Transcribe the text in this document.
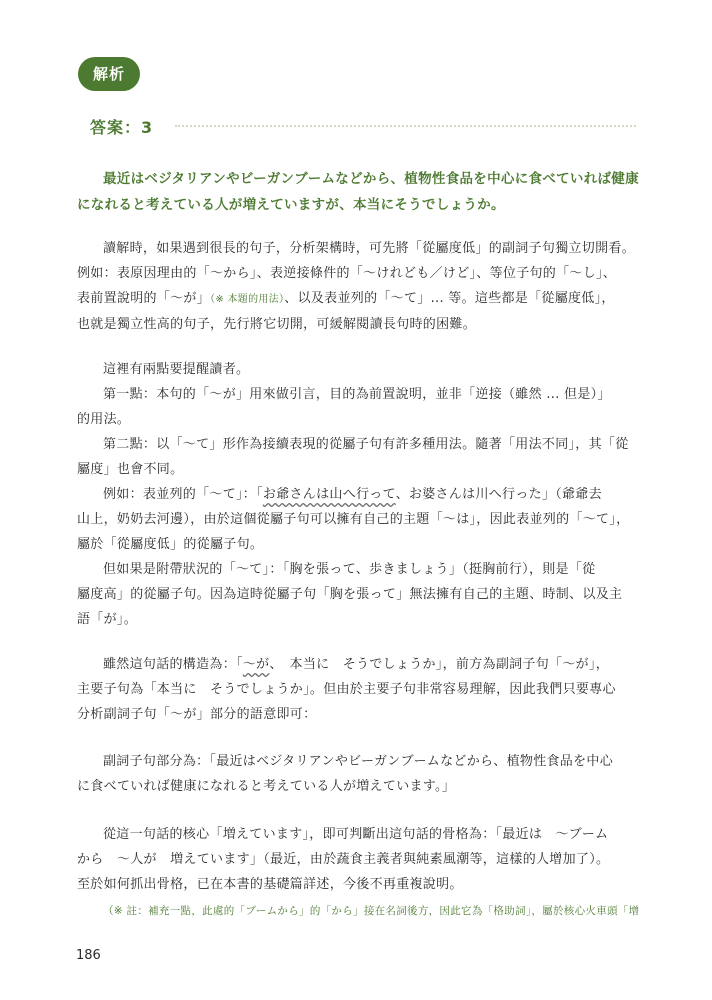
解析
答案：3
最近はベジタリアンやビーガンブームなどから、植物性食品を中心に食べていれば健康
になれると考えている人が増えていますが、本当にそうでしょうか。
讀解時，如果遇到很長的句子，分析架構時，可先將「從屬度低」的副詞子句獨立切開看。
例如：表原因理由的「〜から」、表逆接條件的「〜けれども／けど」、等位子句的「〜し」、
表前置說明的「〜が」（※ 本題的用法）、以及表並列的「〜て」... 等。這些都是「從屬度低」，
也就是獨立性高的句子，先行將它切開，可緩解閱讀長句時的困難。
這裡有兩點要提醒讀者。
第一點：本句的「〜が」用來做引言，目的為前置說明，並非「逆接（雖然 ... 但是）」
的用法。
第二點：以「〜て」形作為接續表現的從屬子句有許多種用法。隨著「用法不同」，其「從
屬度」也會不同。
例如：表並列的「〜て」：「お爺さんは山へ行って、お婆さんは川へ行った」（爺爺去
山上，奶奶去河邊），由於這個從屬子句可以擁有自己的主題「〜は」，因此表並列的「〜て」，
屬於「從屬度低」的從屬子句。
但如果是附帶狀況的「〜て」：「胸を張って、歩きましょう」（挺胸前行），則是「從
屬度高」的從屬子句。因為這時從屬子句「胸を張って」無法擁有自己的主題、時制、以及主
語「が」。
雖然這句話的構造為：「〜が、　本当に　そうでしょうか」，前方為副詞子句「〜が」，
主要子句為「本当に　そうでしょうか」。但由於主要子句非常容易理解，因此我們只要專心
分析副詞子句「〜が」部分的語意即可：
副詞子句部分為：「最近はベジタリアンやビーガンブームなどから、植物性食品を中心
に食べていれば健康になれると考えている人が増えています。」
從這一句話的核心「増えています」，即可判斷出這句話的骨格為：「最近は　〜ブーム
から　〜人が　増えています」（最近，由於蔬食主義者與純素風潮等，這樣的人增加了）。
至於如何抓出骨格，已在本書的基礎篇詳述，今後不再重複說明。
（※ 註：補充一點，此處的「ブームから」的「から」接在名詞後方，因此它為「格助詞」，屬於核心火車頭「增
186
